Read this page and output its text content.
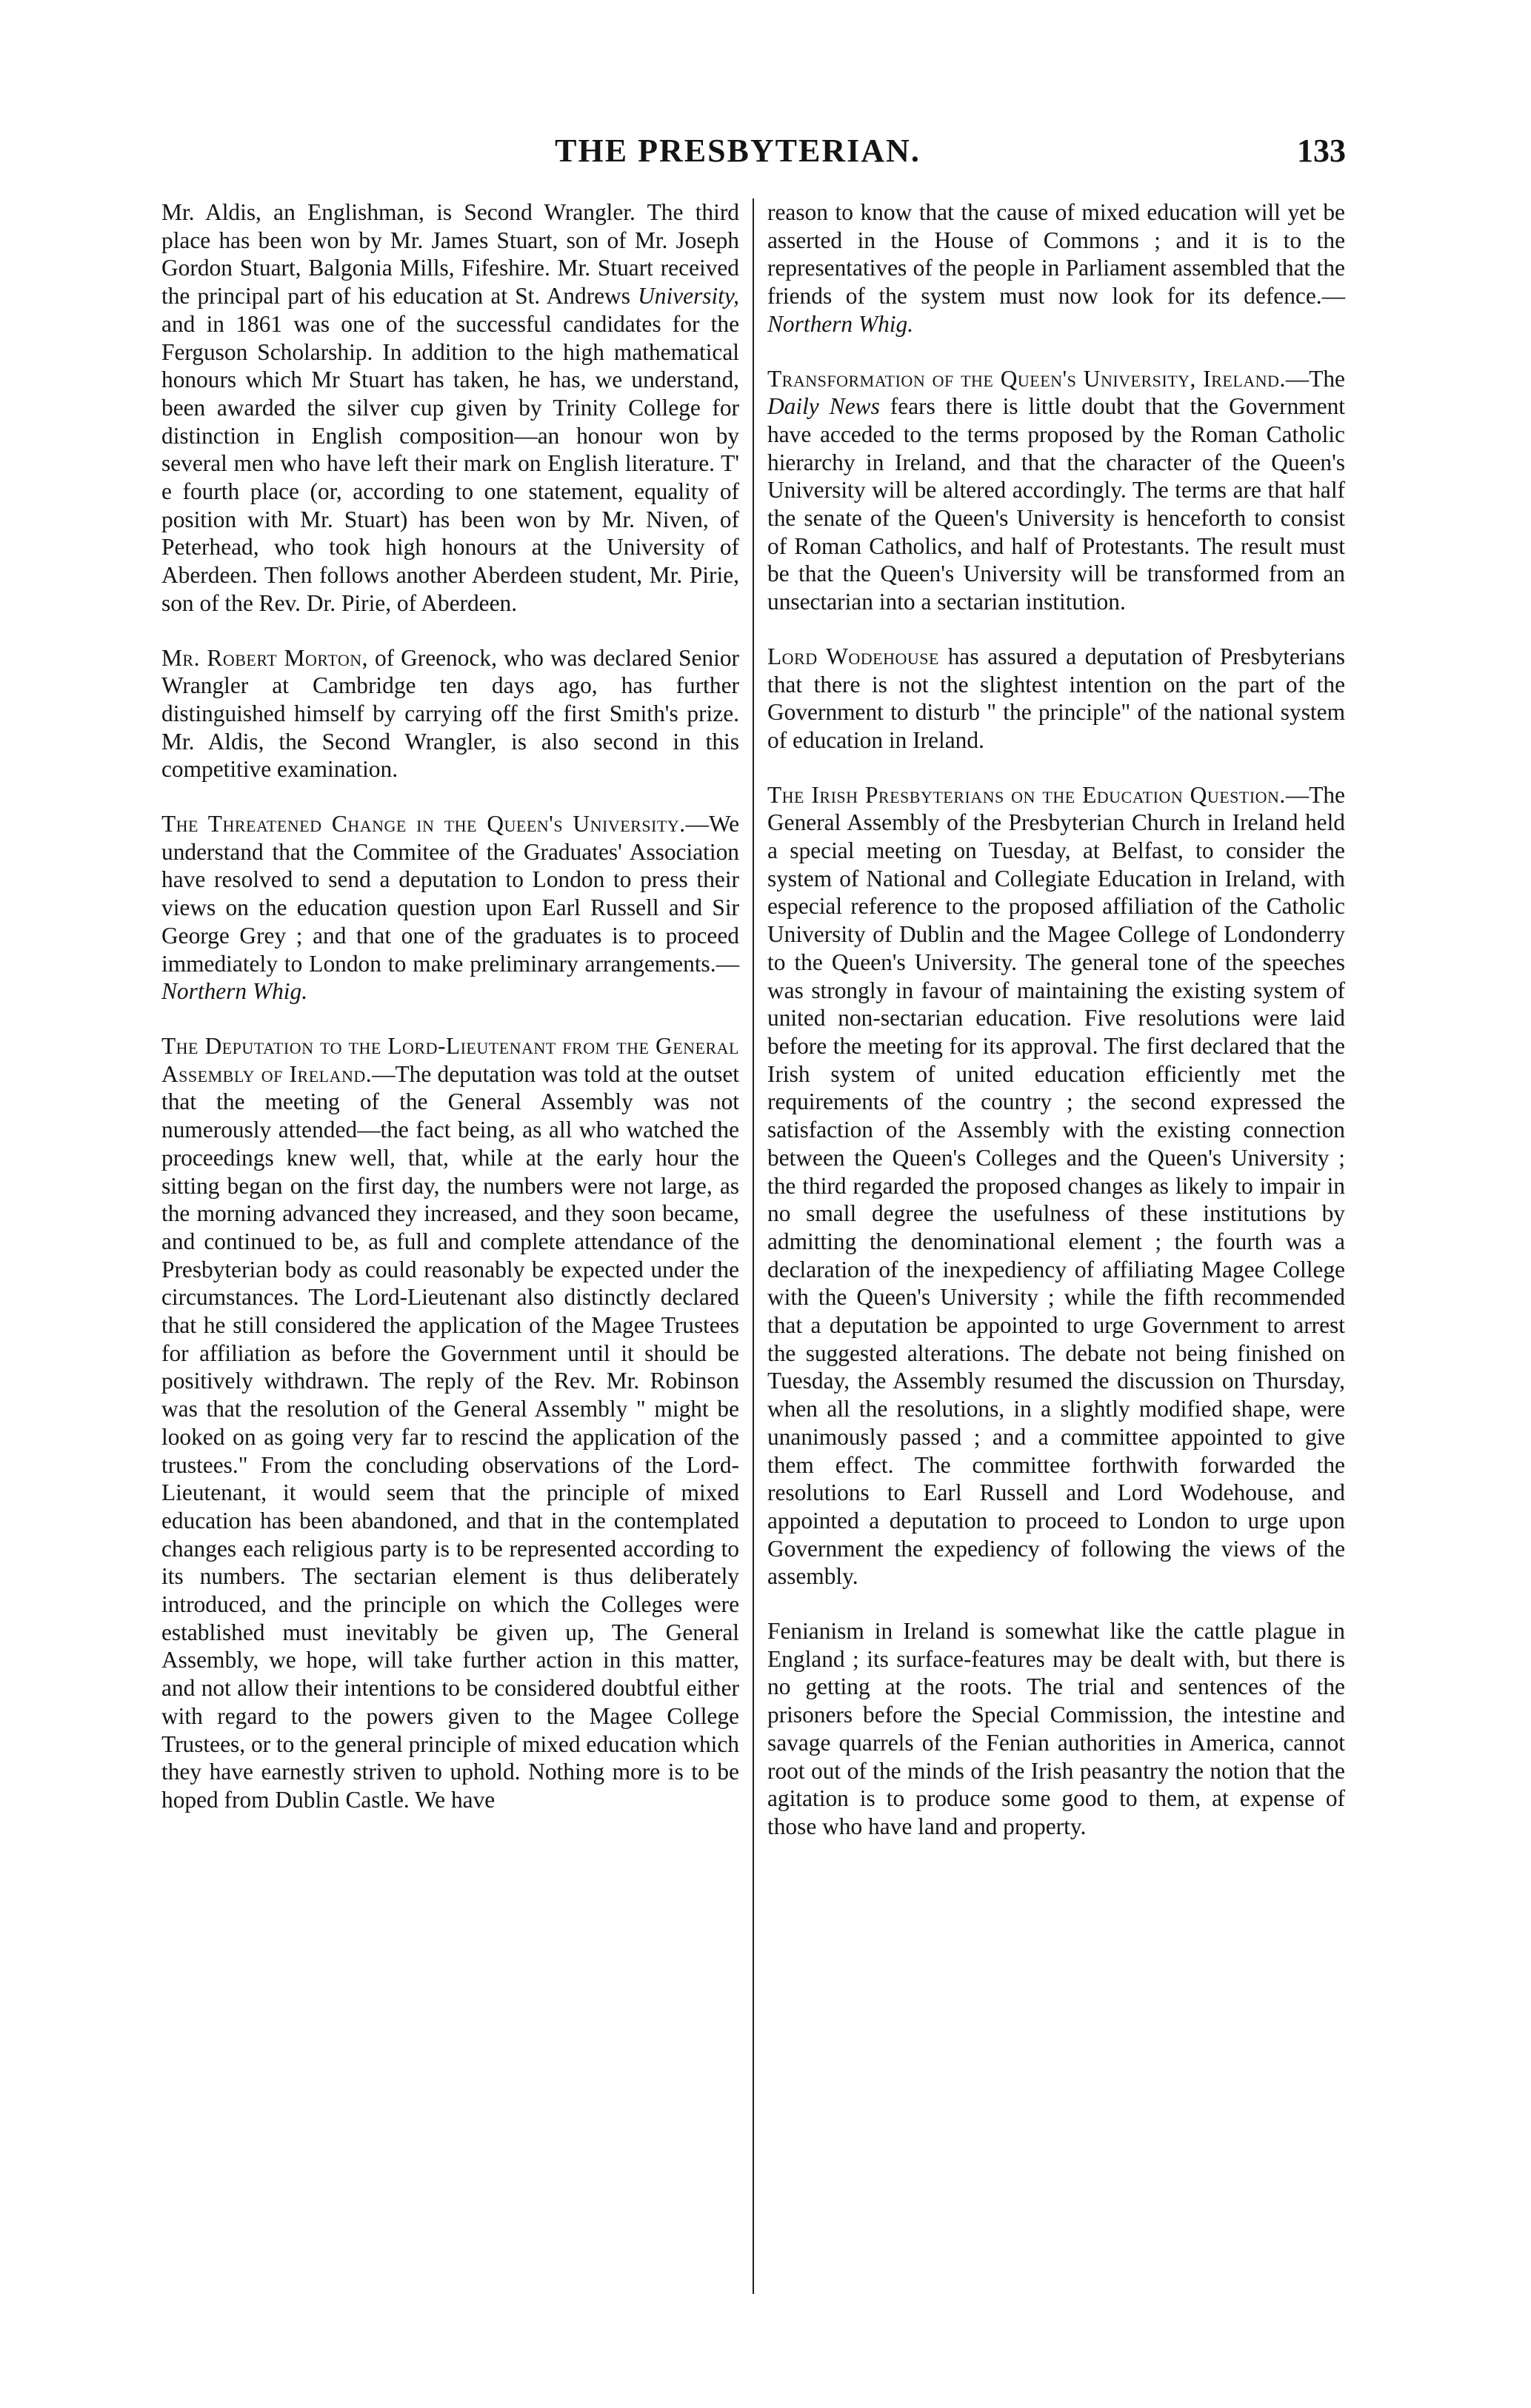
THE PRESBYTERIAN.	133

Mr. Aldis, an Englishman, is Second Wrangler. The third place has been won by Mr. James Stuart, son of Mr. Joseph Gordon Stuart, Balgonia Mills, Fifeshire. Mr. Stuart received the principal part of his education at St. Andrews University, and in 1861 was one of the successful candidates for the Ferguson Scholarship. In addition to the high mathematical honours which Mr Stuart has taken, he has, we understand, been awarded the silver cup given by Trinity College for distinction in English composition—an honour won by several men who have left their mark on English literature. T' e fourth place (or, according to one statement, equality of position with Mr. Stuart) has been won by Mr. Niven, of Peterhead, who took high honours at the University of Aberdeen. Then follows another Aberdeen student, Mr. Pirie, son of the Rev. Dr. Pirie, of Aberdeen.

Mr. Robert Morton, of Greenock, who was declared Senior Wrangler at Cambridge ten days ago, has further distinguished himself by carrying off the first Smith's prize. Mr. Aldis, the Second Wrangler, is also second in this competitive examination.

The Threatened Change in the Queen's University.—We understand that the Commitee of the Graduates' Association have resolved to send a deputation to London to press their views on the education question upon Earl Russell and Sir George Grey ; and that one of the graduates is to proceed immediately to London to make preliminary arrangements.— Northern Whig.

The Deputation to the Lord-Lieutenant from the General Assembly of Ireland.—The deputation was told at the outset that the meeting of the General Assembly was not numerously attended—the fact being, as all who watched the proceedings knew well, that, while at the early hour the sitting began on the first day, the numbers were not large, as the morning advanced they increased, and they soon became, and continued to be, as full and complete attendance of the Presbyterian body as could reasonably be expected under the circumstances. The Lord-Lieutenant also distinctly declared that he still considered the application of the Magee Trustees for affiliation as before the Government until it should be positively withdrawn. The reply of the Rev. Mr. Robinson was that the resolution of the General Assembly " might be looked on as going very far to rescind the application of the trustees." From the concluding observations of the Lord-Lieutenant, it would seem that the principle of mixed education has been abandoned, and that in the contemplated changes each religious party is to be represented according to its numbers. The sectarian element is thus deliberately introduced, and the principle on which the Colleges were established must inevitably be given up, The General Assembly, we hope, will take further action in this matter, and not allow their intentions to be considered doubtful either with regard to the powers given to the Magee College Trustees, or to the general principle of mixed education which they have earnestly striven to uphold. Nothing more is to be hoped from Dublin Castle. We have

reason to know that the cause of mixed education will yet be asserted in the House of Commons ; and it is to the representatives of the people in Parliament assembled that the friends of the system must now look for its defence.— Northern Whig.

Transformation of the Queen's University, Ireland.—The Daily News fears there is little doubt that the Government have acceded to the terms proposed by the Roman Catholic hierarchy in Ireland, and that the character of the Queen's University will be altered accordingly. The terms are that half the senate of the Queen's University is henceforth to consist of Roman Catholics, and half of Protestants. The result must be that the Queen's University will be transformed from an unsectarian into a sectarian institution.

Lord Wodehouse has assured a deputation of Presbyterians that there is not the slightest intention on the part of the Government to disturb " the principle" of the national system of education in Ireland.

The Irish Presbyterians on the Education Question.—The General Assembly of the Presbyterian Church in Ireland held a special meeting on Tuesday, at Belfast, to consider the system of National and Collegiate Education in Ireland, with especial reference to the proposed affiliation of the Catholic University of Dublin and the Magee College of Londonderry to the Queen's University. The general tone of the speeches was strongly in favour of maintaining the existing system of united non-sectarian education. Five resolutions were laid before the meeting for its approval. The first declared that the Irish system of united education efficiently met the requirements of the country ; the second expressed the satisfaction of the Assembly with the existing connection between the Queen's Colleges and the Queen's University ; the third regarded the proposed changes as likely to impair in no small degree the usefulness of these institutions by admitting the denominational element ; the fourth was a declaration of the inexpediency of affiliating Magee College with the Queen's University ; while the fifth recommended that a deputation be appointed to urge Government to arrest the suggested alterations. The debate not being finished on Tuesday, the Assembly resumed the discussion on Thursday, when all the resolutions, in a slightly modified shape, were unanimously passed ; and a committee appointed to give them effect. The committee forthwith forwarded the resolutions to Earl Russell and Lord Wodehouse, and appointed a deputation to proceed to London to urge upon Government the expediency of following the views of the assembly.

Fenianism in Ireland is somewhat like the cattle plague in England ; its surface-features may be dealt with, but there is no getting at the roots. The trial and sentences of the prisoners before the Special Commission, the intestine and savage quarrels of the Fenian authorities in America, cannot root out of the minds of the Irish peasantry the notion that the agitation is to produce some good to them, at expense of those who have land and property.
